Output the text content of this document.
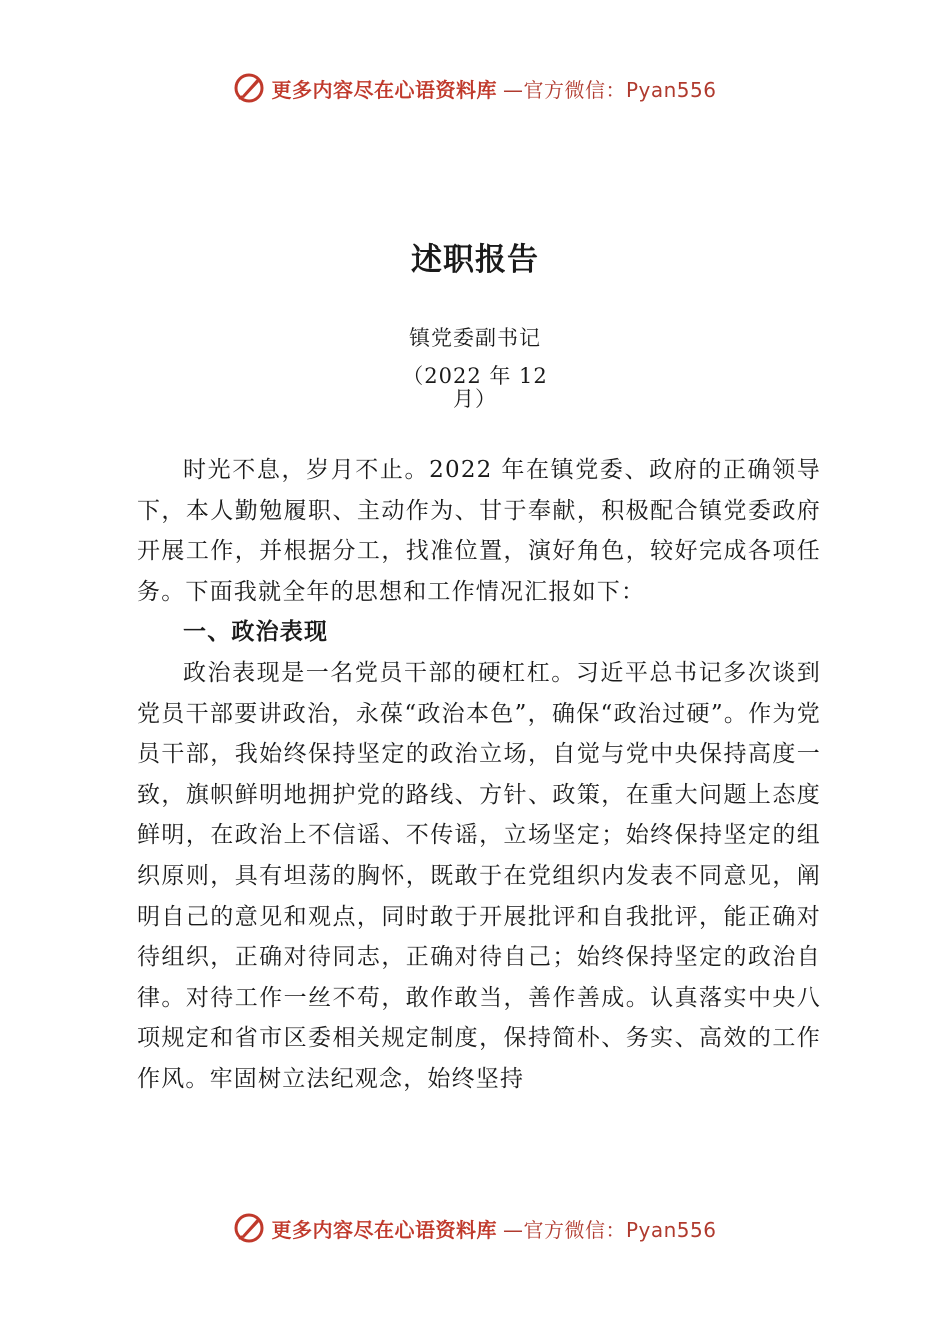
更多内容尽在心语资料库 —官方微信：Pyan556
述职报告
镇党委副书记
（2022 年 12
月）

时光不息，岁月不止。2022 年在镇党委、政府的正确领导下，本人勤勉履职、主动作为、甘于奉献，积极配合镇党委政府开展工作，并根据分工，找准位置，演好角色，较好完成各项任务。下面我就全年的思想和工作情况汇报如下：

一、政治表现

政治表现是一名党员干部的硬杠杠。习近平总书记多次谈到党员干部要讲政治，永葆“政治本色”，确保“政治过硬”。作为党员干部，我始终保持坚定的政治立场，自觉与党中央保持高度一致，旗帜鲜明地拥护党的路线、方针、政策，在重大问题上态度鲜明，在政治上不信谣、不传谣，立场坚定；始终保持坚定的组织原则，具有坦荡的胸怀，既敢于在党组织内发表不同意见，阐明自己的意见和观点，同时敢于开展批评和自我批评，能正确对待组织，正确对待同志，正确对待自己；始终保持坚定的政治自律。对待工作一丝不苟，敢作敢当，善作善成。认真落实中央八项规定和省市区委相关规定制度，保持简朴、务实、高效的工作作风。牢固树立法纪观念，始终坚持

更多内容尽在心语资料库 —官方微信：Pyan556
